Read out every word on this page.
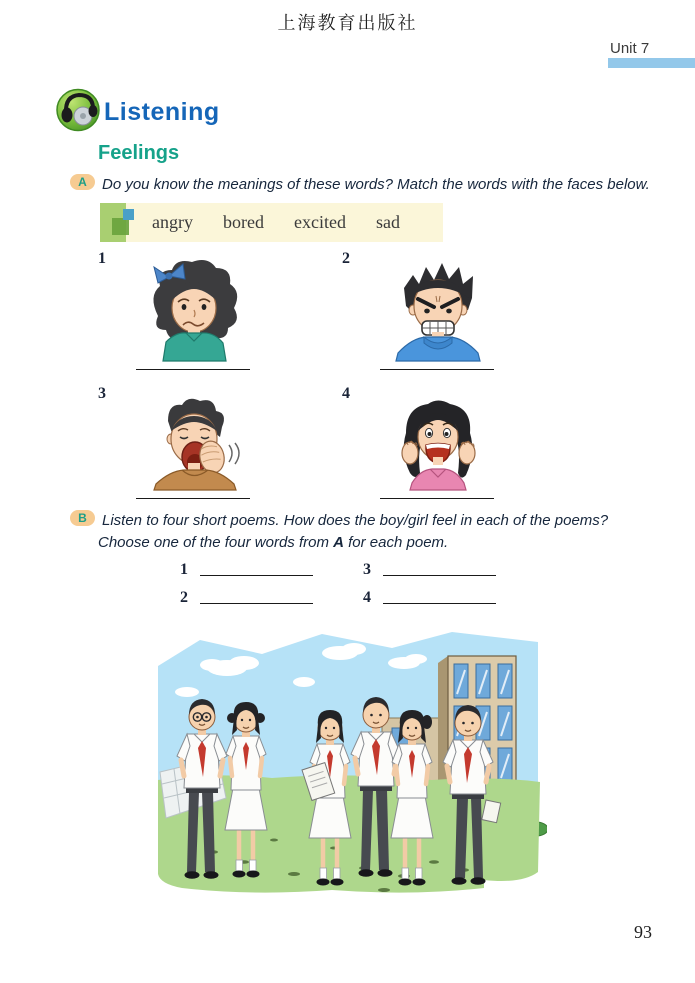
上海教育出版社
Unit 7
Listening
Feelings
A	Do you know the meanings of these words? Match the words with the faces below.
angry bored excited sad
1	2
3	4
B	Listen to four short poems. How does the boy/girl feel in each of the poems?
Choose one of the four words from A for each poem.
1	3
2	4
93
